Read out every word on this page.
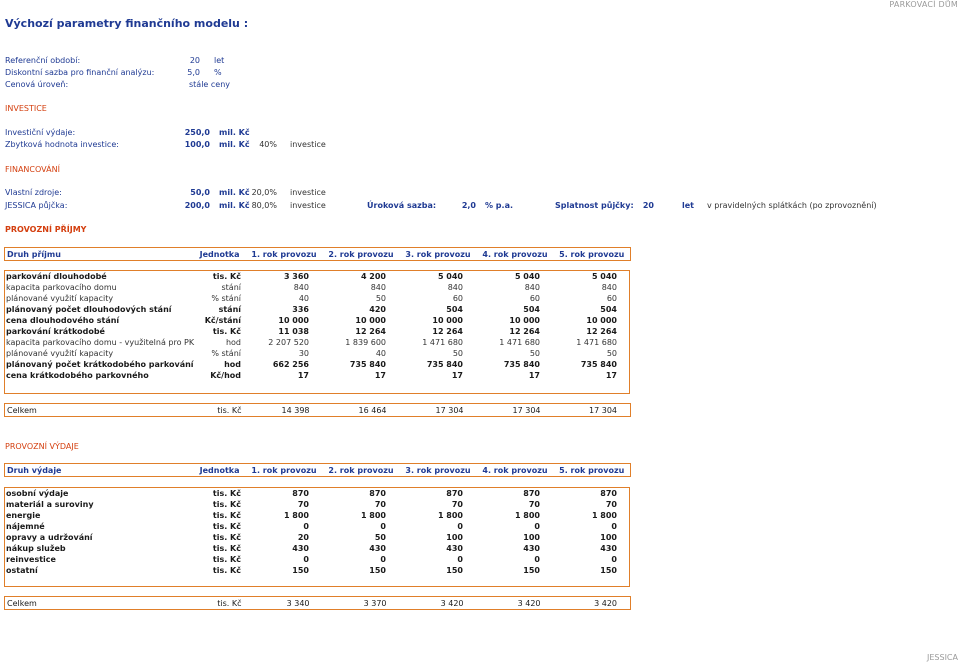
PARKOVACÍ DŮM
Výchozí parametry finančního modelu :
Referenční období:	20 let
Diskontní sazba pro finanční analýzu:	5,0 %
Cenová úroveň:	stále ceny
INVESTICE
Investiční výdaje:	250,0 mil. Kč
Zbytková hodnota investice:	100,0 mil. Kč	40% investice
FINANCOVÁNÍ
Vlastní zdroje:	50,0 mil. Kč 20,0% investice
JESSICA půjčka:	200,0 mil. Kč 80,0% investice	Úroková sazba:	2,0 % p.a.	Splatnost půjčky:	20	let v pravidelných splátkách (po zprovoznění)
PROVOZNÍ PŘÍJMY
Druh příjmu	Jednotka	1. rok provozu	2. rok provozu	3. rok provozu	4. rok provozu	5. rok provozu
parkování dlouhodobé	tis. Kč	3 360	4 200	5 040	5 040	5 040
kapacita parkovacího domu	stání	840	840	840	840	840
plánované využití kapacity	% stání	40	50	60	60	60
plánovaný počet dlouhodových stání	stání	336	420	504	504	504
cena dlouhodového stání	Kč/stání	10 000	10 000	10 000	10 000	10 000
parkování krátkodobé	tis. Kč	11 038	12 264	12 264	12 264	12 264
kapacita parkovacího domu - využitelná pro PK	hod	2 207 520	1 839 600	1 471 680	1 471 680	1 471 680
plánované využití kapacity	% stání	30	40	50	50	50
plánovaný počet krátkodobého parkování	hod	662 256	735 840	735 840	735 840	735 840
cena krátkodobého parkovného	Kč/hod	17	17	17	17	17
Celkem	tis. Kč	14 398	16 464	17 304	17 304	17 304
PROVOZNÍ VÝDAJE
Druh výdaje	Jednotka	1. rok provozu	2. rok provozu	3. rok provozu	4. rok provozu	5. rok provozu
osobní výdaje	tis. Kč	870	870	870	870	870
materiál a suroviny	tis. Kč	70	70	70	70	70
energie	tis. Kč	1 800	1 800	1 800	1 800	1 800
nájemné	tis. Kč	0	0	0	0	0
opravy a udržování	tis. Kč	20	50	100	100	100
nákup služeb	tis. Kč	430	430	430	430	430
reinvestice	tis. Kč	0	0	0	0	0
ostatní	tis. Kč	150	150	150	150	150
Celkem	tis. Kč	3 340	3 370	3 420	3 420	3 420
JESSICA
